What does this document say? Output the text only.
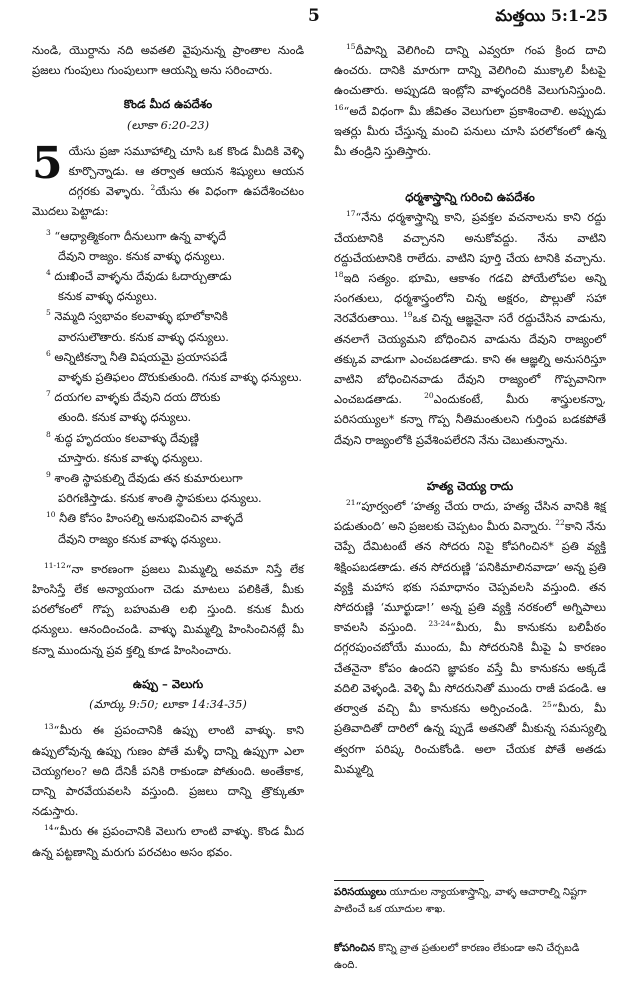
5	మత్తయి 5:1-25

నుండి, యొర్దాను నది అవతలి వైపునున్న ప్రాంతాల నుండి ప్రజలు గుంపులు గుంపులుగా ఆయన్ని అను సరించారు.

కొండ మీద ఉపదేశం
(లూకా 6:20-23)

5 యేసు ప్రజా సమూహాల్ని చూసి ఒక కొండ మీదికి వెళ్ళి కూర్చొన్నాడు. ఆ తర్వాత ఆయన శిష్యులు ఆయన దగ్గరకు వెళ్ళారు. $^2$యేసు ఈ విధంగా ఉపదేశించటం మొదలు పెట్టాడు:

$^3$ “ఆధ్యాత్మికంగా దీనులుగా ఉన్న వాళ్ళదే
దేవుని రాజ్యం. కనుక వాళ్ళు ధన్యులు.
$^4$ దుఃఖించే వాళ్ళను దేవుడు ఓదార్చుతాడు
కనుక వాళ్ళు ధన్యులు.
$^5$ నెమ్మది స్వభావం కలవాళ్ళు భూలోకానికి
వారసులౌతారు. కనుక వాళ్ళు ధన్యులు.
$^6$ అన్నిటికన్నా నీతి విషయమై ప్రయాసపడే
వాళ్ళకు ప్రతిఫలం దొరుకుతుంది. గనుక వాళ్ళు ధన్యులు.
$^7$ దయగల వాళ్ళకు దేవుని దయ దొరుకు
తుంది. కనుక వాళ్ళు ధన్యులు.
$^8$ శుద్ధ హృదయం కలవాళ్ళు దేవుణ్ణి
చూస్తారు. కనుక వాళ్ళు ధన్యులు.
$^9$ శాంతి స్థాపకుల్ని దేవుడు తన కుమారులుగా
పరిగణిస్తాడు. కనుక శాంతి స్థాపకులు ధన్యులు.
$^{10}$ నీతి కోసం హింసల్ని అనుభవించిన వాళ్ళదే
దేవుని రాజ్యం కనుక వాళ్ళు ధన్యులు.

$^{11-12}$“నా కారణంగా ప్రజలు మిమ్మల్ని అవమా నిస్తే లేక హింసిస్తే లేక అన్యాయంగా చెడు మాటలు పలికితే, మీకు పరలోకంలో గొప్ప బహుమతి లభి స్తుంది. కనుక మీరు ధన్యులు. ఆనందించండి. వాళ్ళు మిమ్మల్ని హింసించినట్లే మీ కన్నా ముందున్న ప్రవ క్తల్ని కూడ హింసించారు.

ఉప్పు – వెలుగు
(మార్కు 9:50; లూకా 14:34-35)

$^{13}$“మీరు ఈ ప్రపంచానికి ఉప్పు లాంటి వాళ్ళు. కాని ఉప్పులోవున్న ఉప్పు గుణం పోతే మళ్ళీ దాన్ని ఉప్పుగా ఎలా చెయ్యగలం? అది దేనికీ పనికి రాకుండా పోతుంది. అంతేకాక, దాన్ని పారవేయవలసి వస్తుంది. ప్రజలు దాన్ని త్రొక్కుతూ నడుస్తారు.

$^{14}$“మీరు ఈ ప్రపంచానికి వెలుగు లాంటి వాళ్ళు. కొండ మీద ఉన్న పట్టణాన్ని మరుగు పరచటం అసం భవం.

$^{15}$దీపాన్ని వెలిగించి దాన్ని ఎవ్వరూ గంప క్రింద దాచి ఉంచరు. దానికి మారుగా దాన్ని వెలిగించి ముక్కాలి పీటపై ఉంచుతారు. అప్పుడది ఇంట్లోని వాళ్ళందరికి వెలుగునిస్తుంది. $^{16}$“అదే విధంగా మీ జీవితం వెలుగులా ప్రకాశించాలి. అప్పుడు ఇతర్లు మీరు చేస్తున్న మంచి పనులు చూసి పరలోకంలో ఉన్న మీ తండ్రిని స్తుతిస్తారు.

ధర్మశాస్త్రాన్ని గురించి ఉపదేశం

$^{17}$“నేను ధర్మశాస్త్రాన్ని కాని, ప్రవక్తల వచనాలను కాని రద్దు చేయటానికి వచ్చానని అనుకోవద్దు. నేను వాటిని రద్దుచేయటానికి రాలేదు. వాటిని పూర్తి చేయ టానికి వచ్చాను. $^{18}$ఇది సత్యం. భూమి, ఆకాశం గడచి పోయేలోపల అన్ని సంగతులు, ధర్మశాస్త్రంలోని చిన్న అక్షరం, పొల్లుతో సహా నెరవేరుతాయి. $^{19}$ఒక చిన్న ఆజ్ఞనైనా సరే రద్దుచేసిన వాడును, తనలాగే చెయ్యమని బోధించిన వాడును దేవుని రాజ్యంలో తక్కువ వాడుగా ఎంచబడతాడు. కాని ఈ ఆజ్ఞల్ని అనుసరిస్తూ వాటిని బోధించినవాడు దేవుని రాజ్యంలో గొప్పవానిగా ఎంచబడతాడు.	$^{20}$ఎందుకంటే, మీరు శాస్త్రులకన్నా, పరిసయ్యుల* కన్నా గొప్ప నీతిమంతులని గుర్తింప బడకపోతే దేవుని రాజ్యంలోకి ప్రవేశింపలేరని నేను చెబుతున్నాను.

హత్య చెయ్య రాదు

$^{21}$“పూర్వంలో ‘హత్య చేయ రాదు, హత్య చేసిన వానికి శిక్ష పడుతుంది’ అని ప్రజలకు చెప్పటం మీరు విన్నారు. $^{22}$కాని నేను చెప్పే దేమిటంటే తన సోదరు నిపై కోపగించిన* ప్రతి వ్యక్తి శిక్షింపబడతాడు. తన సోదరుణ్ణి ‘పనికిమాలినవాడా’ అన్న ప్రతి వ్యక్తి మహాస భకు సమాధానం చెప్పవలసి వస్తుంది. తన సోదరుణ్ణి ‘మూర్ఖుడా!’ అన్న ప్రతి వ్యక్తి నరకంలో అగ్నిపాలు కావలసి వస్తుంది. $^{23-24}$“మీరు, మీ కానుకను బలిపీఠం దగ్గరపుంచబోయే ముందు, మీ సోదరునికి మీపై ఏ కారణం చేతనైనా కోపం ఉందని జ్ఞాపకం వస్తే మీ కానుకను అక్కడే వదిలి వెళ్ళండి. వెళ్ళి మీ సోదరునితో ముందు రాజీ పడండి. ఆ తర్వాత వచ్చి మీ కానుకను అర్పించండి. $^{25}$“మీరు, మీ ప్రతివాదితో దారిలో ఉన్న ప్పుడే అతనితో మీకున్న సమస్యల్ని త్వరగా పరిష్క రించుకోండి. అలా చేయక పోతే అతడు మిమ్మల్ని

పరిసయ్యులు యూదుల న్యాయశాస్త్రాన్ని, వాళ్ళ ఆచారాల్ని నిష్టగా పాటించే ఒక యూదుల శాఖ.
కోపగించిన కొన్ని వ్రాత ప్రతులలో కారణం లేకుండా అని చేర్చబడి ఉంది.
